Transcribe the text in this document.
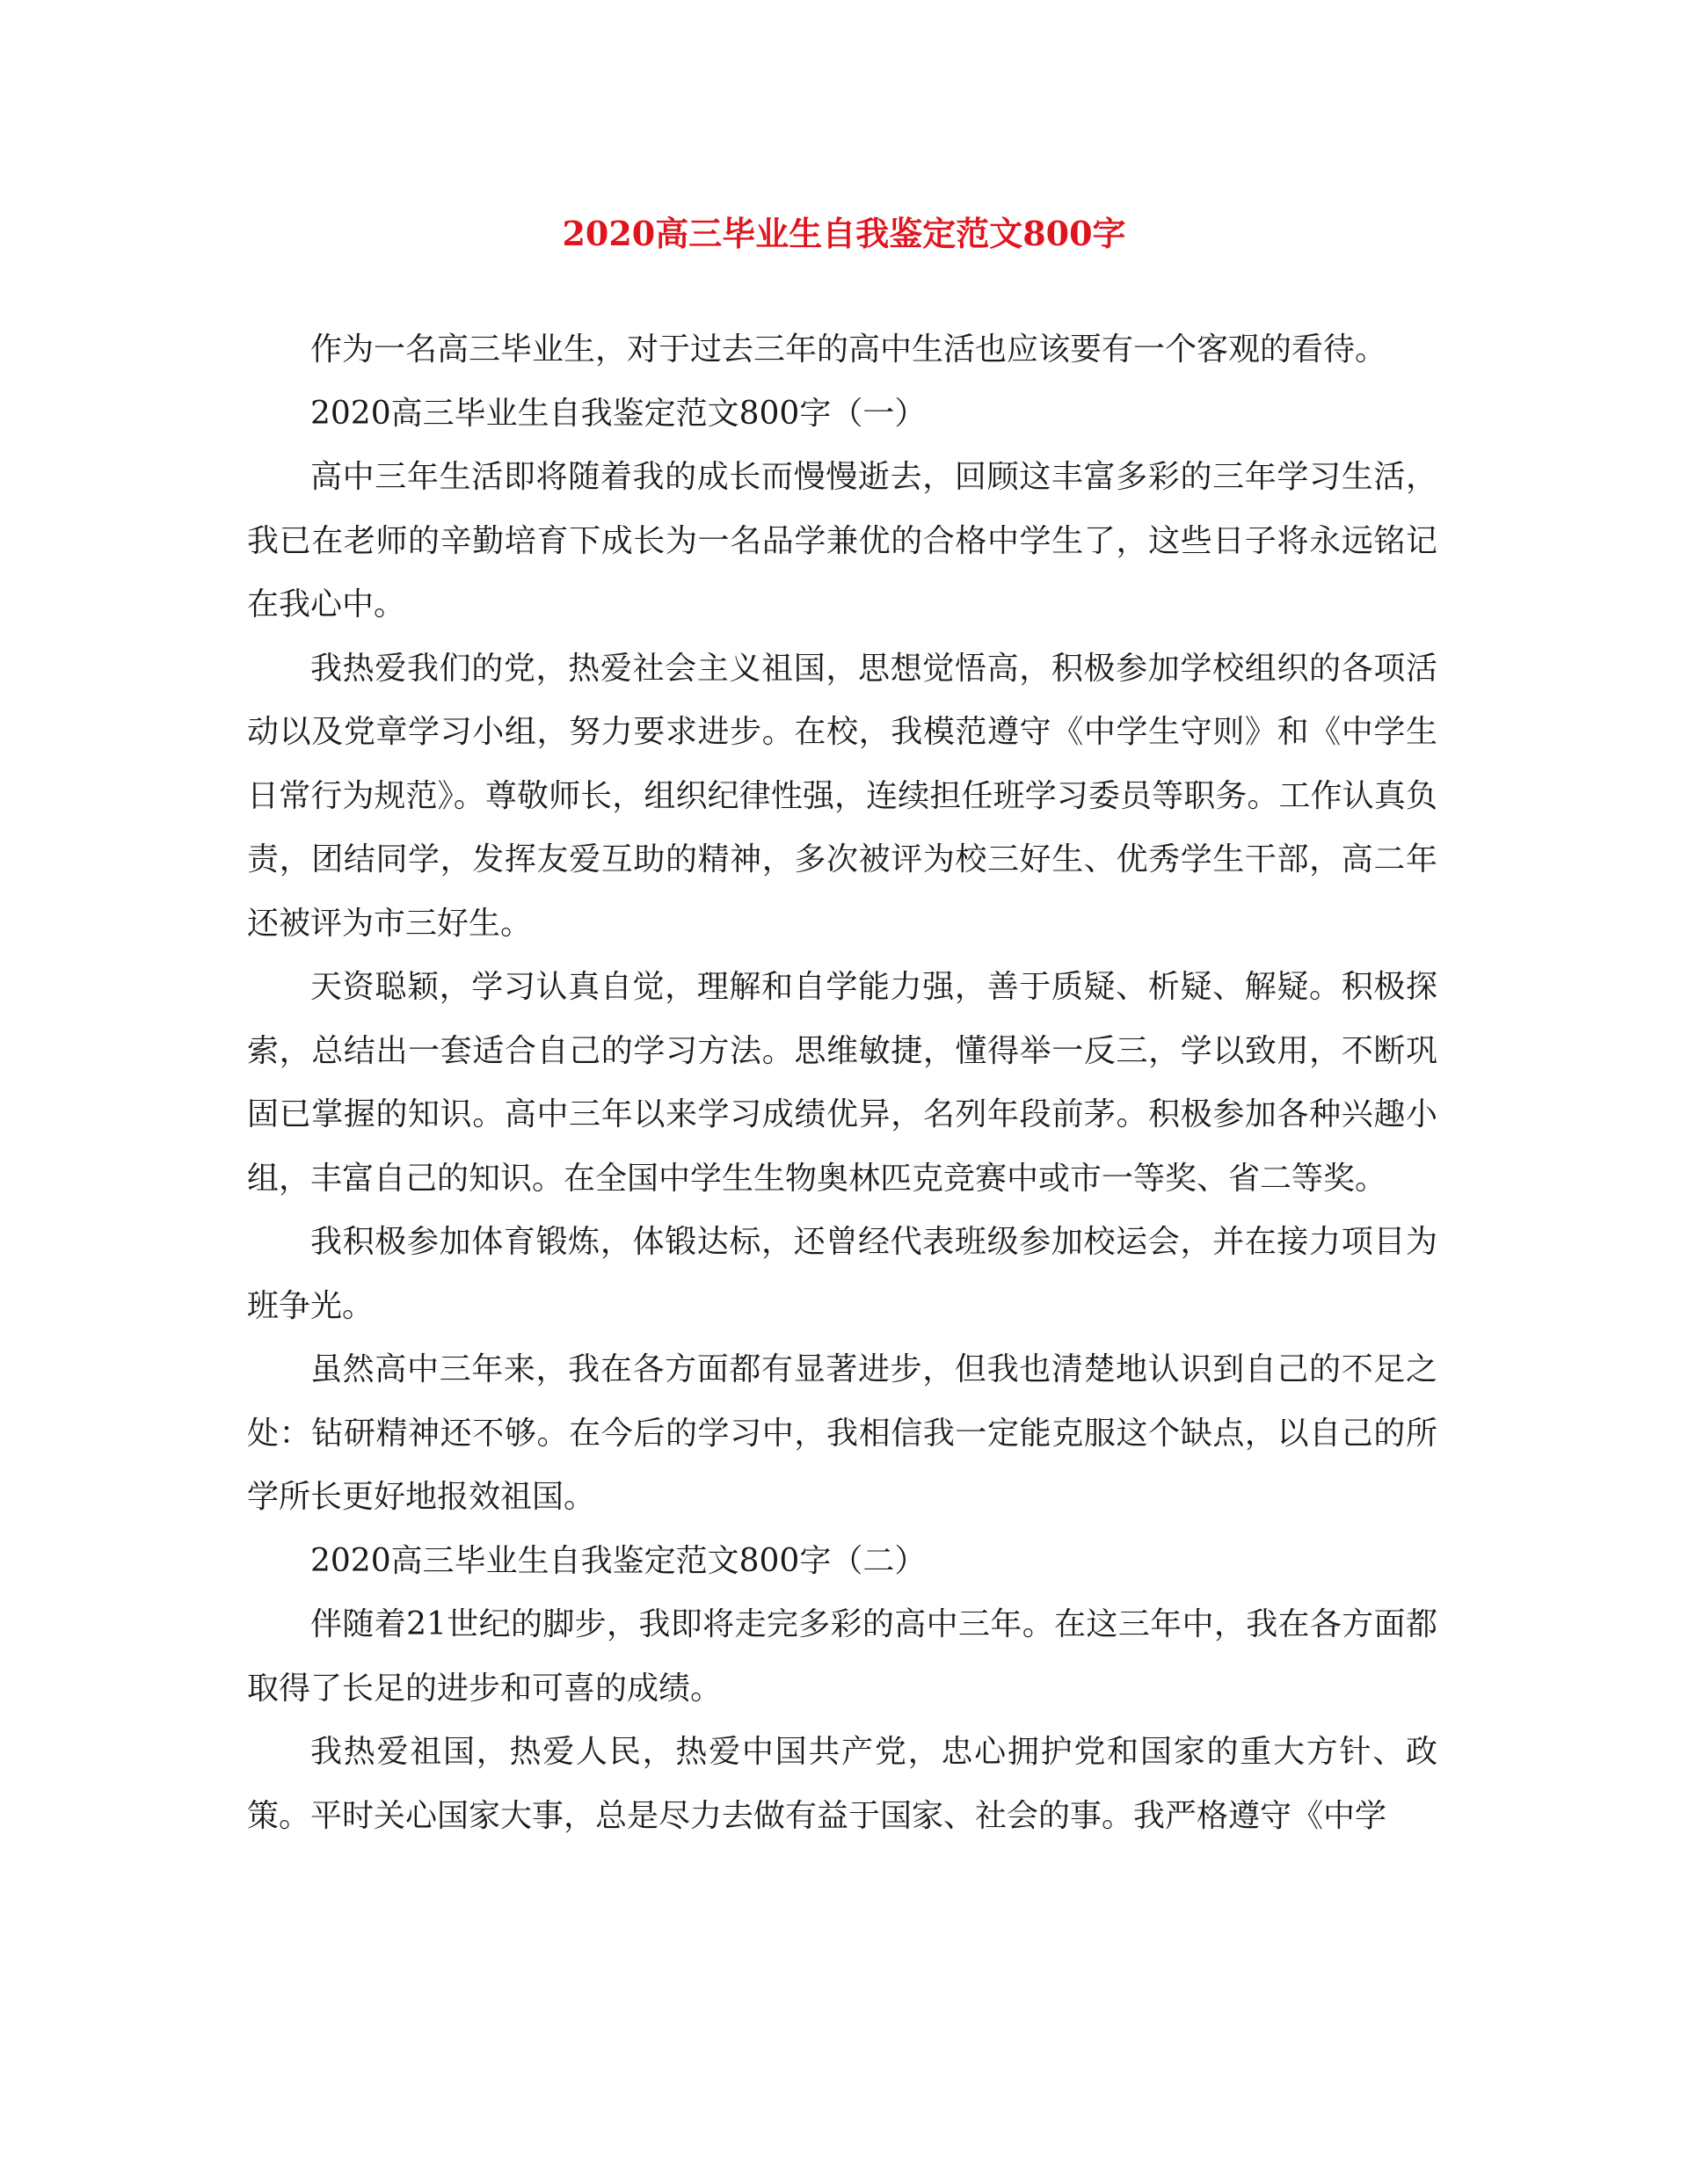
2020高三毕业生自我鉴定范文800字

作为一名高三毕业生，对于过去三年的高中生活也应该要有一个客观的看待。

2020高三毕业生自我鉴定范文800字（一）

高中三年生活即将随着我的成长而慢慢逝去，回顾这丰富多彩的三年学习生活，我已在老师的辛勤培育下成长为一名品学兼优的合格中学生了，这些日子将永远铭记在我心中。

我热爱我们的党，热爱社会主义祖国，思想觉悟高，积极参加学校组织的各项活动以及党章学习小组，努力要求进步。在校，我模范遵守《中学生守则》和《中学生日常行为规范》。尊敬师长，组织纪律性强，连续担任班学习委员等职务。工作认真负责，团结同学，发挥友爱互助的精神，多次被评为校三好生、优秀学生干部，高二年还被评为市三好生。

天资聪颖，学习认真自觉，理解和自学能力强，善于质疑、析疑、解疑。积极探索，总结出一套适合自己的学习方法。思维敏捷，懂得举一反三，学以致用，不断巩固已掌握的知识。高中三年以来学习成绩优异，名列年段前茅。积极参加各种兴趣小组，丰富自己的知识。在全国中学生生物奥林匹克竞赛中或市一等奖、省二等奖。

我积极参加体育锻炼，体锻达标，还曾经代表班级参加校运会，并在接力项目为班争光。

虽然高中三年来，我在各方面都有显著进步，但我也清楚地认识到自己的不足之处：钻研精神还不够。在今后的学习中，我相信我一定能克服这个缺点，以自己的所学所长更好地报效祖国。

2020高三毕业生自我鉴定范文800字（二）

伴随着21世纪的脚步，我即将走完多彩的高中三年。在这三年中，我在各方面都取得了长足的进步和可喜的成绩。

我热爱祖国，热爱人民，热爱中国共产党，忠心拥护党和国家的重大方针、政策。平时关心国家大事，总是尽力去做有益于国家、社会的事。我严格遵守《中学
